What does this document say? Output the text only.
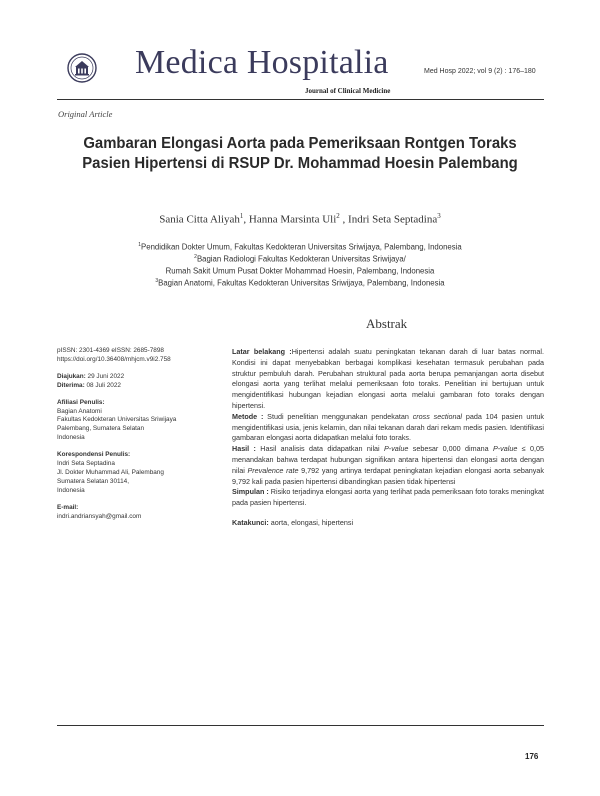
Medica Hospitalia
Journal of Clinical Medicine
Med Hosp 2022; vol 9 (2) : 176–180
Original Article
Gambaran Elongasi Aorta pada Pemeriksaan Rontgen Toraks Pasien Hipertensi di RSUP Dr. Mohammad Hoesin Palembang
Sania Citta Aliyah$^1$, Hanna Marsinta Uli$^2$ , Indri Seta Septadina$^3$
$^1$Pendidikan Dokter Umum, Fakultas Kedokteran Universitas Sriwijaya, Palembang, Indonesia
$^2$Bagian Radiologi Fakultas Kedokteran Universitas Sriwijaya/
Rumah Sakit Umum Pusat Dokter Mohammad Hoesin, Palembang, Indonesia
$^3$Bagian Anatomi, Fakultas Kedokteran Universitas Sriwijaya, Palembang, Indonesia
Abstrak
pISSN: 2301-4369 eISSN: 2685-7898
https://doi.org/10.36408/mhjcm.v9i2.758
Diajukan: 29 Juni 2022
Diterima: 08 Juli 2022
Afiliasi Penulis:
Bagian Anatomi
Fakultas Kedokteran Universitas Sriwijaya
Palembang, Sumatera Selatan
Indonesia
Korespondensi Penulis:
Indri Seta Septadina
Jl. Dokter Muhammad Ali, Palembang
Sumatera Selatan 30114,
Indonesia
E-mail:
indri.andriansyah@gmail.com

Latar belakang :Hipertensi adalah suatu peningkatan tekanan darah di luar batas normal. Kondisi ini dapat menyebabkan berbagai komplikasi kesehatan termasuk perubahan pada struktur pembuluh darah. Perubahan struktural pada aorta berupa pemanjangan aorta disebut elongasi aorta yang terlihat melalui pemeriksaan foto toraks. Penelitian ini bertujuan untuk mengidentifikasi hubungan kejadian elongasi aorta melalui gambaran foto toraks dengan hipertensi.

Metode : Studi penelitian menggunakan pendekatan cross sectional pada 104 pasien untuk mengidentifikasi usia, jenis kelamin, dan nilai tekanan darah dari rekam medis pasien. Identifikasi gambaran elongasi aorta didapatkan melalui foto toraks.

Hasil : Hasil analisis data didapatkan nilai P-value sebesar 0,000 dimana P-value ≤ 0,05 menandakan bahwa terdapat hubungan signifikan antara hipertensi dan elongasi aorta dengan nilai Prevalence rate 9,792 yang artinya terdapat peningkatan kejadian elongasi aorta sebanyak 9,792 kali pada pasien hipertensi dibandingkan pasien tidak hipertensi

Simpulan : Risiko terjadinya elongasi aorta yang terlihat pada pemeriksaan foto toraks meningkat pada pasien hipertensi.

Katakunci: aorta, elongasi, hipertensi

176
